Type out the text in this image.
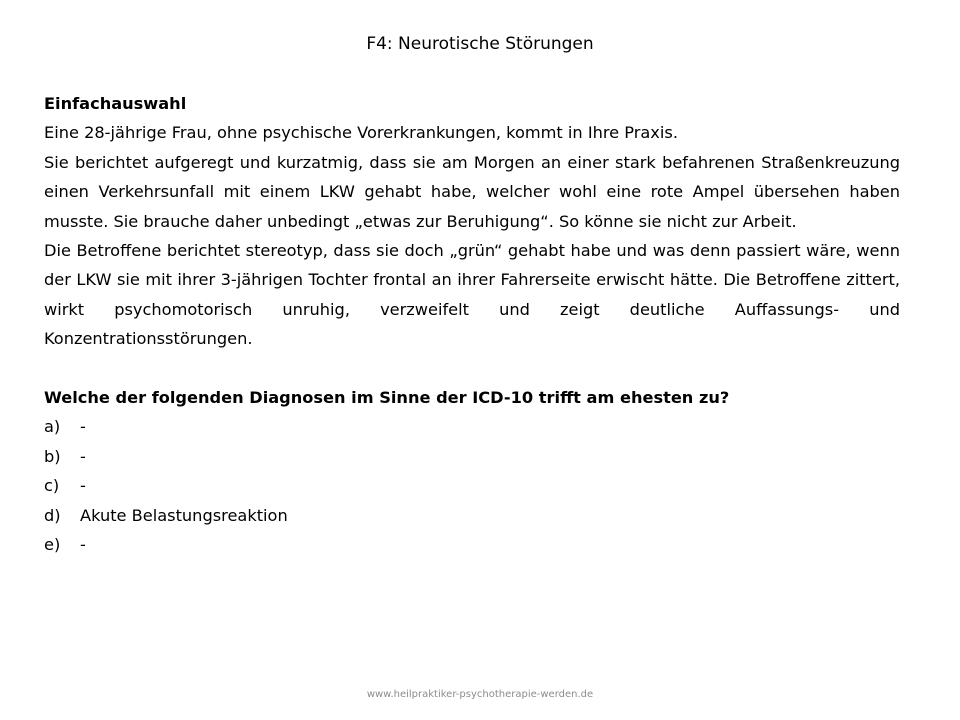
F4: Neurotische Störungen

Einfachauswahl

Eine 28-jährige Frau, ohne psychische Vorerkrankungen, kommt in Ihre Praxis.

Sie berichtet aufgeregt und kurzatmig, dass sie am Morgen an einer stark befahrenen Straßenkreuzung einen Verkehrsunfall mit einem LKW gehabt habe, welcher wohl eine rote Ampel übersehen haben musste. Sie brauche daher unbedingt „etwas zur Beruhigung“. So könne sie nicht zur Arbeit.

Die Betroffene berichtet stereotyp, dass sie doch „grün“ gehabt habe und was denn passiert wäre, wenn der LKW sie mit ihrer 3-jährigen Tochter frontal an ihrer Fahrerseite erwischt hätte. Die Betroffene zittert, wirkt psychomotorisch unruhig, verzweifelt und zeigt deutliche Auffassungs- und Konzentrationsstörungen.

Welche der folgenden Diagnosen im Sinne der ICD-10 trifft am ehesten zu?

a)	-
b)	-
c)	-
d)	Akute Belastungsreaktion
e)	-
www.heilpraktiker-psychotherapie-werden.de
